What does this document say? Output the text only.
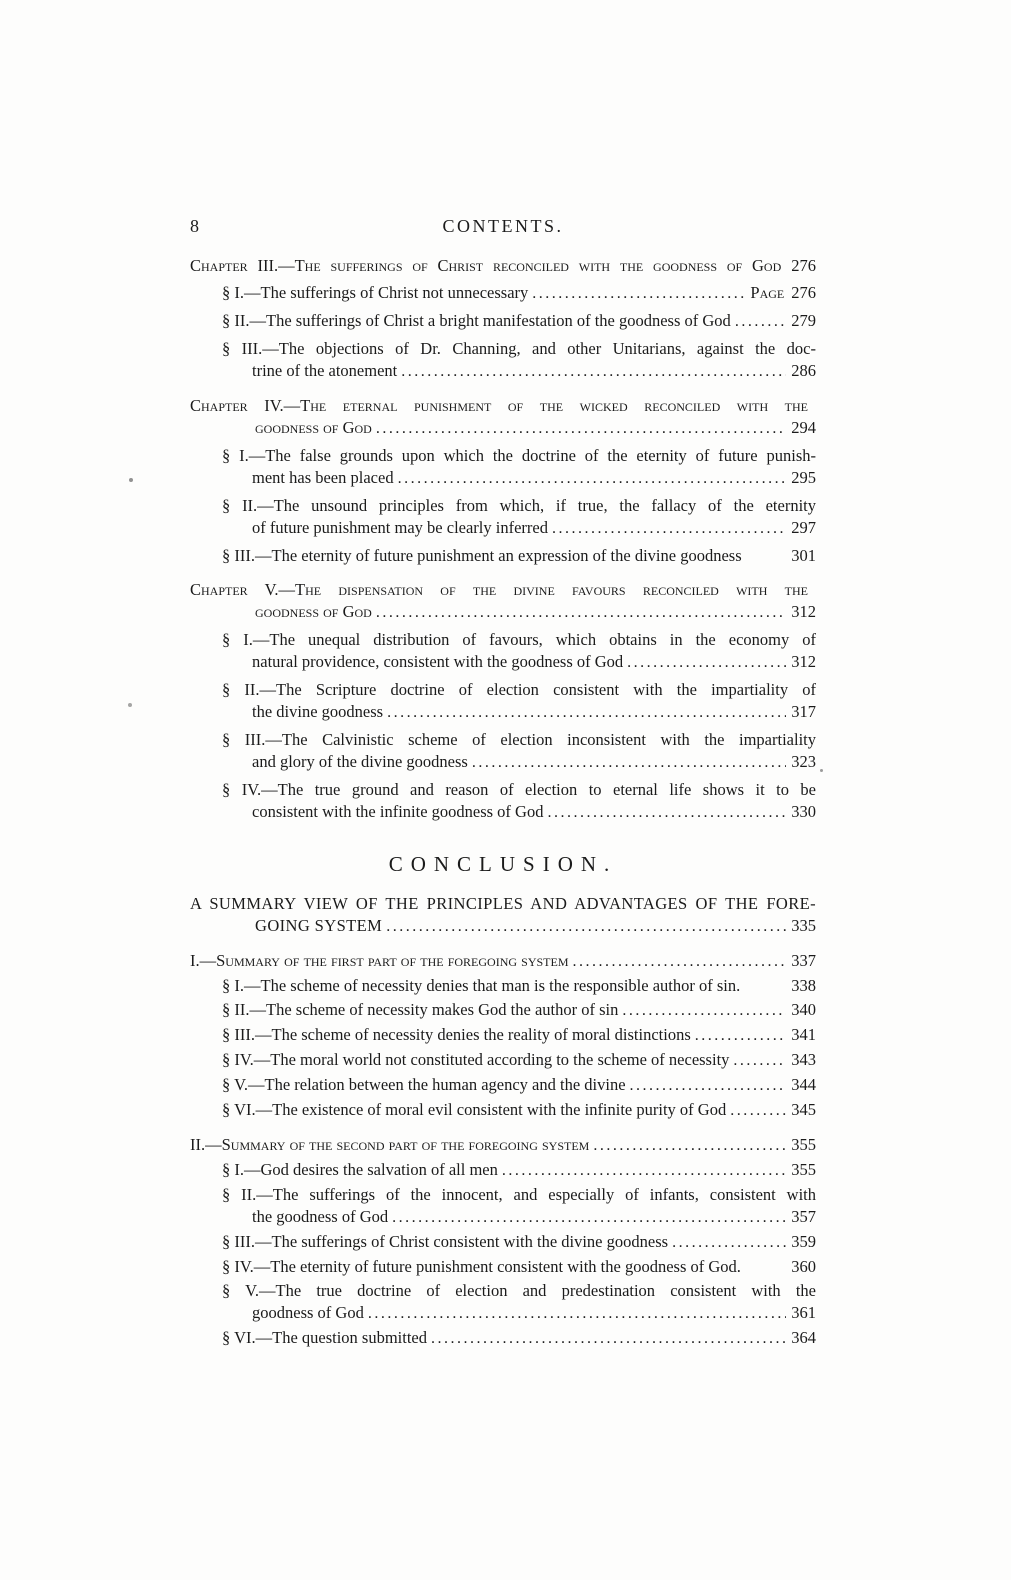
8	CONTENTS.
Chapter III.—The sufferings of Christ reconciled with the goodness of God 276
§ I.—The sufferings of Christ not unnecessary .....	Page 276
§ II.—The sufferings of Christ a bright manifestation of the goodness of God .....	279
§ III.—The objections of Dr. Channing, and other Unitarians, against the doc-
trine of the atonement .....	286
Chapter IV.—The eternal punishment of the wicked reconciled with the
goodness of God .....	294
§ I.—The false grounds upon which the doctrine of the eternity of future punish-
ment has been placed .....	295
§ II.—The unsound principles from which, if true, the fallacy of the eternity
of future punishment may be clearly inferred .....	297
§ III.—The eternity of future punishment an expression of the divine goodness	301
Chapter V.—The dispensation of the divine favours reconciled with the
goodness of God .....	312
§ I.—The unequal distribution of favours, which obtains in the economy of
natural providence, consistent with the goodness of God .....	312
§ II.—The Scripture doctrine of election consistent with the impartiality of
the divine goodness .....	317
§ III.—The Calvinistic scheme of election inconsistent with the impartiality
and glory of the divine goodness .....	323
§ IV.—The true ground and reason of election to eternal life shows it to be
consistent with the infinite goodness of God .....	330
CONCLUSION.
A SUMMARY VIEW OF THE PRINCIPLES AND ADVANTAGES OF THE FORE-
GOING SYSTEM .....	335
I.—Summary of the first part of the foregoing system .....	337
§ I.—The scheme of necessity denies that man is the responsible author of sin.	338
§ II.—The scheme of necessity makes God the author of sin .....	340
§ III.—The scheme of necessity denies the reality of moral distinctions .....	341
§ IV.—The moral world not constituted according to the scheme of necessity .....	343
§ V.—The relation between the human agency and the divine .....	344
§ VI.—The existence of moral evil consistent with the infinite purity of God .....	345
II.—Summary of the second part of the foregoing system .....	355
§ I.—God desires the salvation of all men .....	355
§ II.—The sufferings of the innocent, and especially of infants, consistent with
the goodness of God .....	357
§ III.—The sufferings of Christ consistent with the divine goodness .....	359
§ IV.—The eternity of future punishment consistent with the goodness of God.	360
§ V.—The true doctrine of election and predestination consistent with the
goodness of God .....	361
§ VI.—The question submitted .....	364
